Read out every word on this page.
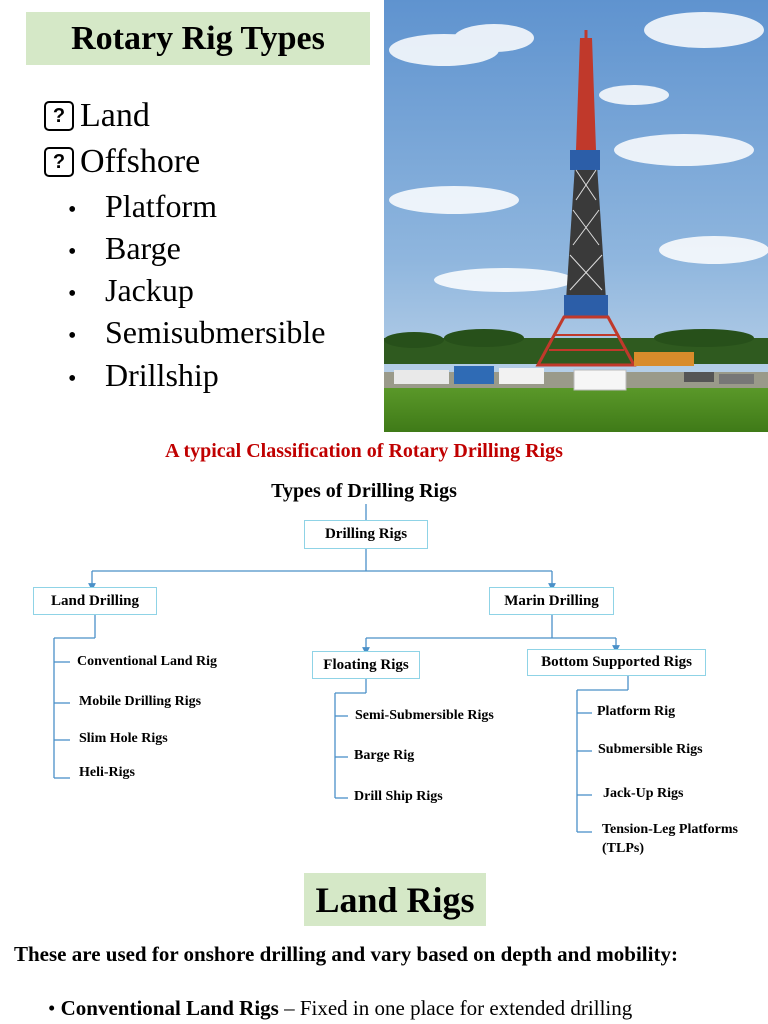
Rotary Rig Types
? Land
? Offshore
• Platform
• Barge
• Jackup
• Semisubmersible
• Drillship
A typical Classification of Rotary Drilling Rigs
Types of Drilling Rigs
Drilling Rigs
Land Drilling	Marin Drilling
Floating Rigs	Bottom Supported Rigs
Conventional Land Rig
Mobile Drilling Rigs
Slim Hole Rigs
Heli-Rigs
Semi-Submersible Rigs
Barge Rig
Drill Ship Rigs
Platform Rig
Submersible Rigs
Jack-Up Rigs
Tension-Leg Platforms
(TLPs)
Land Rigs
These are used for onshore drilling and vary based on depth and mobility:
• Conventional Land Rigs – Fixed in one place for extended drilling
